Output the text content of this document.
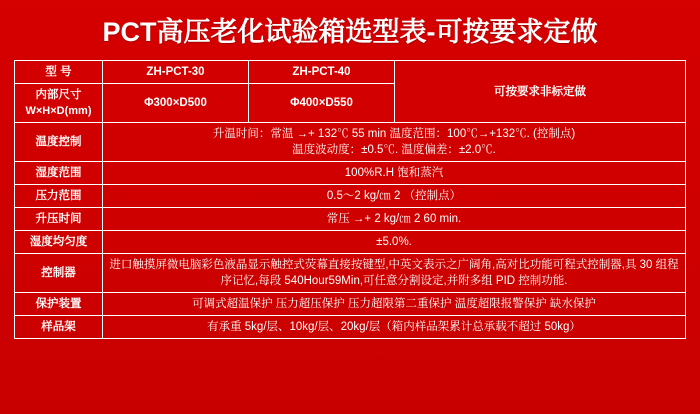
PCT高压老化试验箱选型表-可按要求定做
型 号	ZH-PCT-30	ZH-PCT-40	可按要求非标定做
内部尺寸
W×H×D(mm)	Φ300×D500	Φ400×D550	
温度控制	升温时间：常温 →+ 132℃ 55 min 温度范围：100℃→+132℃. (控制点)
温度波动度：±0.5℃. 温度偏差：±2.0℃.		

湿度范围	100%R.H 饱和蒸汽		
压力范围	0.5～2 kg/㎝ 2 （控制点）		
升压时间	常压 →+ 2 kg/㎝ 2 60 min.		
湿度均匀度	±5.0%.		
控制器	进口触摸屏微电脑彩色液晶显示触控式荧幕直接按键型,中英文表示之广阔角,高对比功能可程式控制器,具 30 组程
序记忆,每段 540Hour59Min,可任意分割设定,并附多组 PID 控制功能.		

保护装置	可调式超温保护 压力超压保护 压力超限第二重保护 温度超限报警保护 缺水保护		
样品架	有承重 5kg/层、10kg/层、20kg/层（箱内样品架累计总承载不超过 50kg）		
